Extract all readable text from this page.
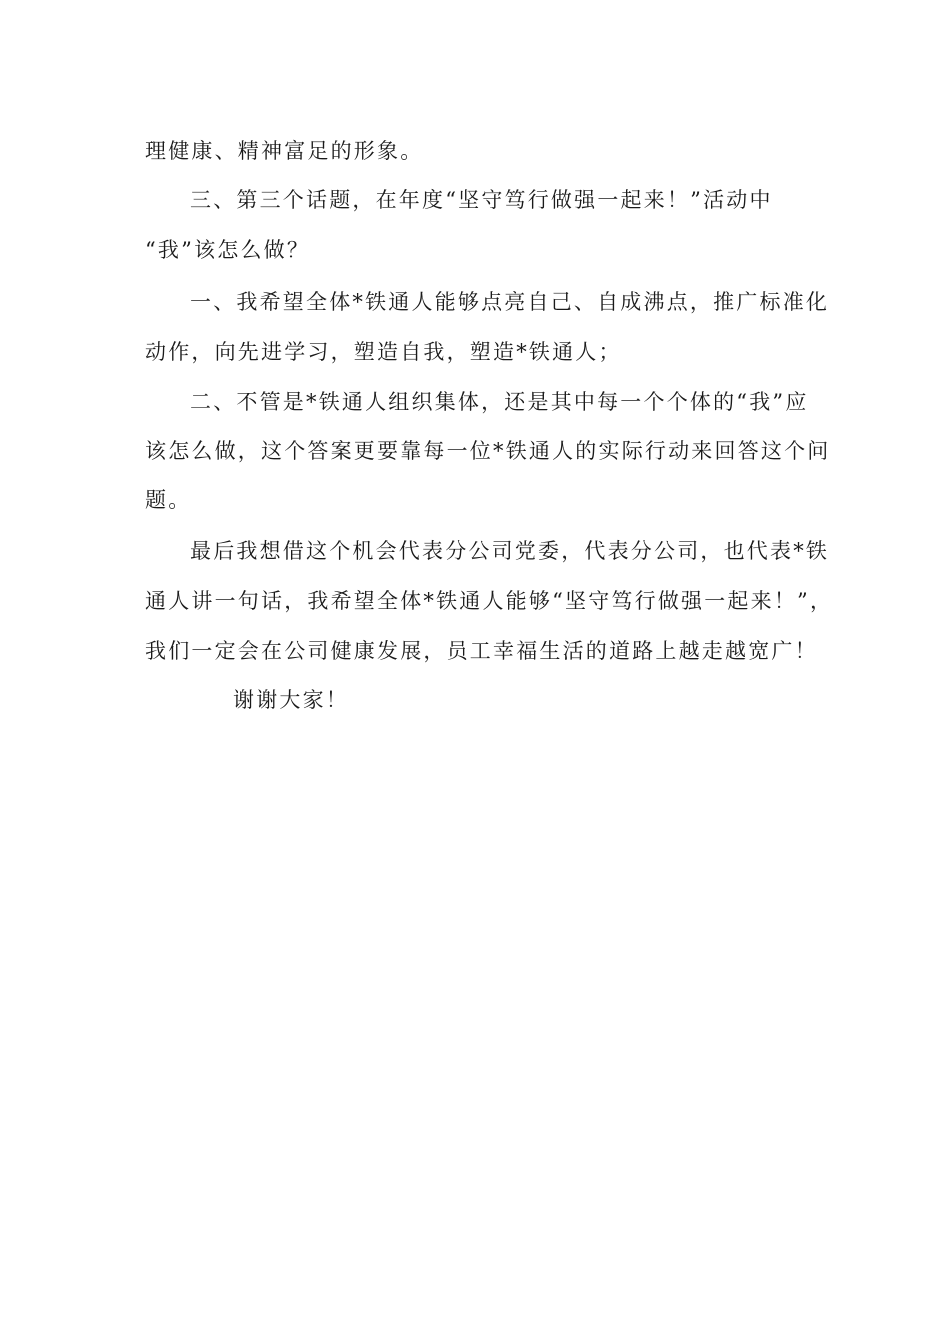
理健康、精神富足的形象。

三、第三个话题，在年度“坚守笃行做强一起来！”活动中

“我”该怎么做？

一、我希望全体*铁通人能够点亮自己、自成沸点，推广标准化

动作，向先进学习，塑造自我，塑造*铁通人；

二、不管是*铁通人组织集体，还是其中每一个个体的“我”应

该怎么做，这个答案更要靠每一位*铁通人的实际行动来回答这个问

题。

最后我想借这个机会代表分公司党委，代表分公司，也代表*铁

通人讲一句话，我希望全体*铁通人能够“坚守笃行做强一起来！”，

我们一定会在公司健康发展，员工幸福生活的道路上越走越宽广！

谢谢大家！
